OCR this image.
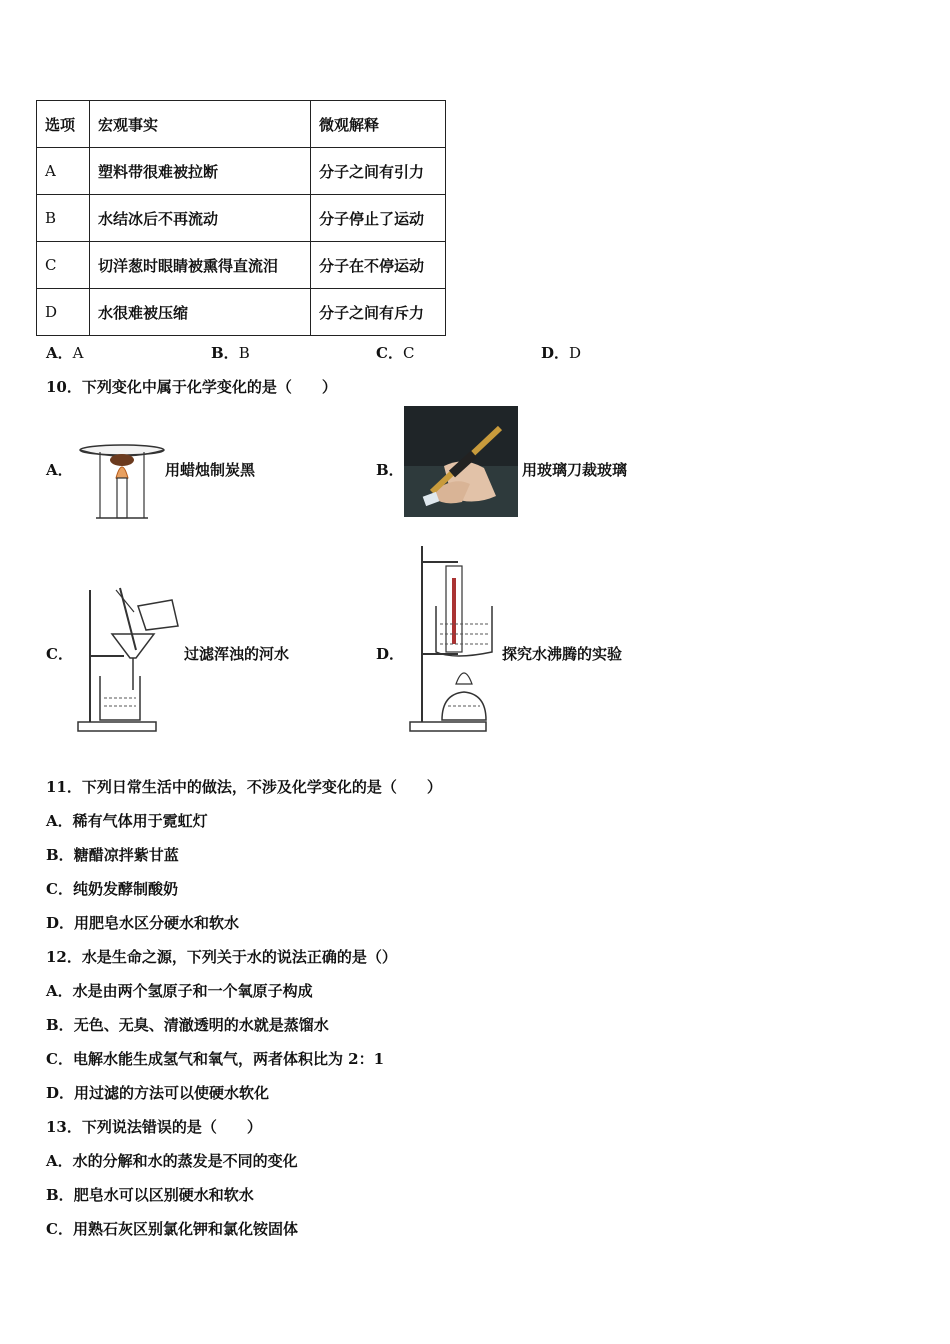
选项	宏观事实	微观解释
A	塑料带很难被拉断	分子之间有引力
B	水结冰后不再流动	分子停止了运动
C	切洋葱时眼睛被熏得直流泪	分子在不停运动
D	水很难被压缩	分子之间有斥力
A．A	B．B	C．C	D．D
10．下列变化中属于化学变化的是（　　）
A．	用蜡烛制炭黑	B．	用玻璃刀裁玻璃
C．	过滤浑浊的河水	D．	探究水沸腾的实验
11．下列日常生活中的做法，不涉及化学变化的是（　　）
A．稀有气体用于霓虹灯
B．糖醋凉拌紫甘蓝
C．纯奶发酵制酸奶
D．用肥皂水区分硬水和软水
12．水是生命之源，下列关于水的说法正确的是（）
A．水是由两个氢原子和一个氧原子构成
B．无色、无臭、清澈透明的水就是蒸馏水
C．电解水能生成氢气和氧气，两者体积比为 2：1
D．用过滤的方法可以使硬水软化
13．下列说法错误的是（　　）
A．水的分解和水的蒸发是不同的变化
B．肥皂水可以区别硬水和软水
C．用熟石灰区别氯化钾和氯化铵固体
